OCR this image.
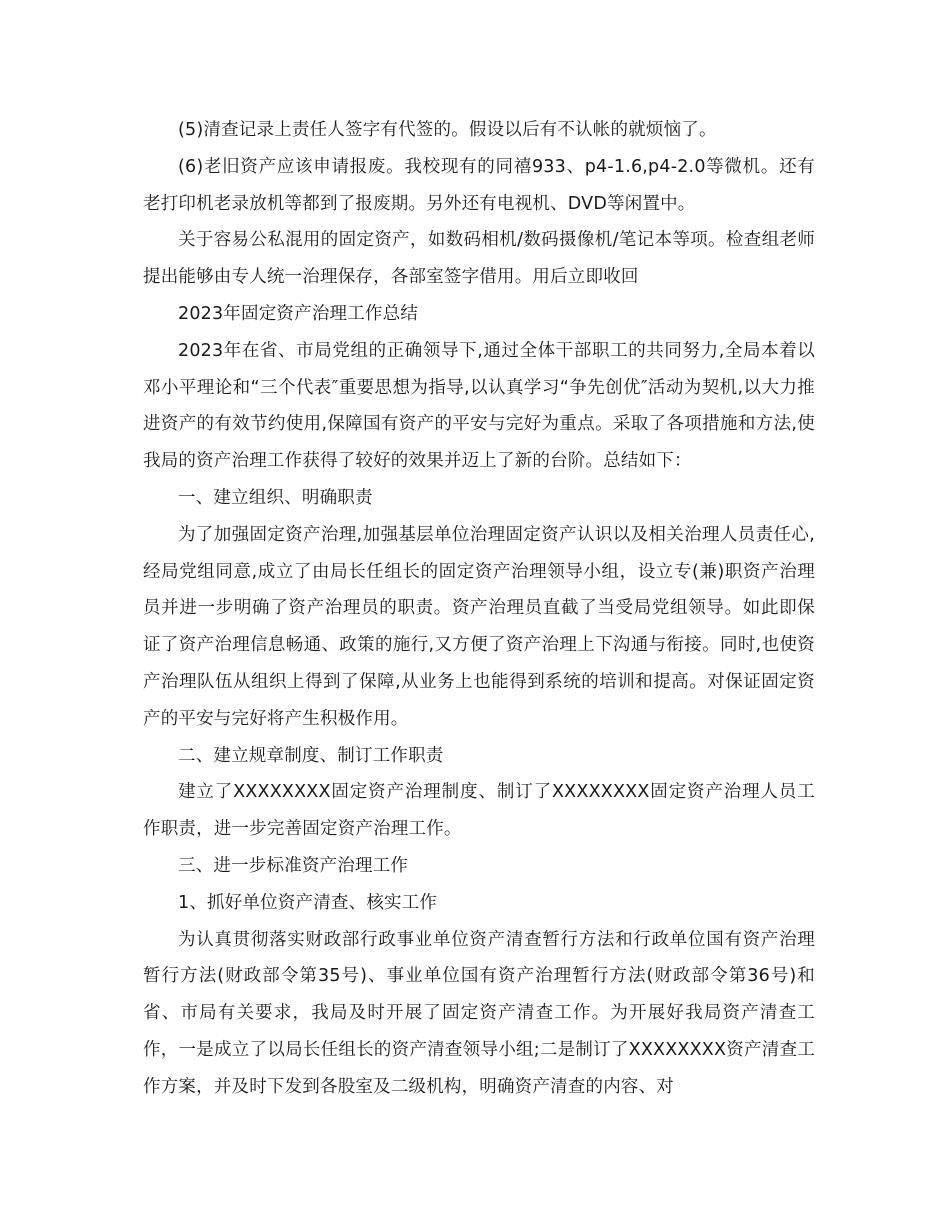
(5)清查记录上责任人签字有代签的。假设以后有不认帐的就烦恼了。

(6)老旧资产应该申请报废。我校现有的同禧933、p4-1.6,p4-2.0等微机。还有老打印机老录放机等都到了报废期。另外还有电视机、DVD等闲置中。

关于容易公私混用的固定资产，如数码相机/数码摄像机/笔记本等项。检查组老师提出能够由专人统一治理保存，各部室签字借用。用后立即收回

2023年固定资产治理工作总结

2023年在省、市局党组的正确领导下,通过全体干部职工的共同努力,全局本着以邓小平理论和“三个代表″重要思想为指导,以认真学习“争先创优″活动为契机,以大力推进资产的有效节约使用,保障国有资产的平安与完好为重点。采取了各项措施和方法,使我局的资产治理工作获得了较好的效果并迈上了新的台阶。总结如下：

一、建立组织、明确职责

为了加强固定资产治理,加强基层单位治理固定资产认识以及相关治理人员责任心,经局党组同意,成立了由局长任组长的固定资产治理领导小组，设立专(兼)职资产治理员并进一步明确了资产治理员的职责。资产治理员直截了当受局党组领导。如此即保证了资产治理信息畅通、政策的施行,又方便了资产治理上下沟通与衔接。同时,也使资产治理队伍从组织上得到了保障,从业务上也能得到系统的培训和提高。对保证固定资产的平安与完好将产生积极作用。

二、建立规章制度、制订工作职责

建立了XXXXXXXX固定资产治理制度、制订了XXXXXXXX固定资产治理人员工作职责，进一步完善固定资产治理工作。

三、进一步标准资产治理工作

1、抓好单位资产清查、核实工作

为认真贯彻落实财政部行政事业单位资产清查暂行方法和行政单位国有资产治理暂行方法(财政部令第35号)、事业单位国有资产治理暂行方法(财政部令第36号)和省、市局有关要求，我局及时开展了固定资产清查工作。为开展好我局资产清查工作，一是成立了以局长任组长的资产清查领导小组;二是制订了XXXXXXXX资产清查工作方案，并及时下发到各股室及二级机构，明确资产清查的内容、对
